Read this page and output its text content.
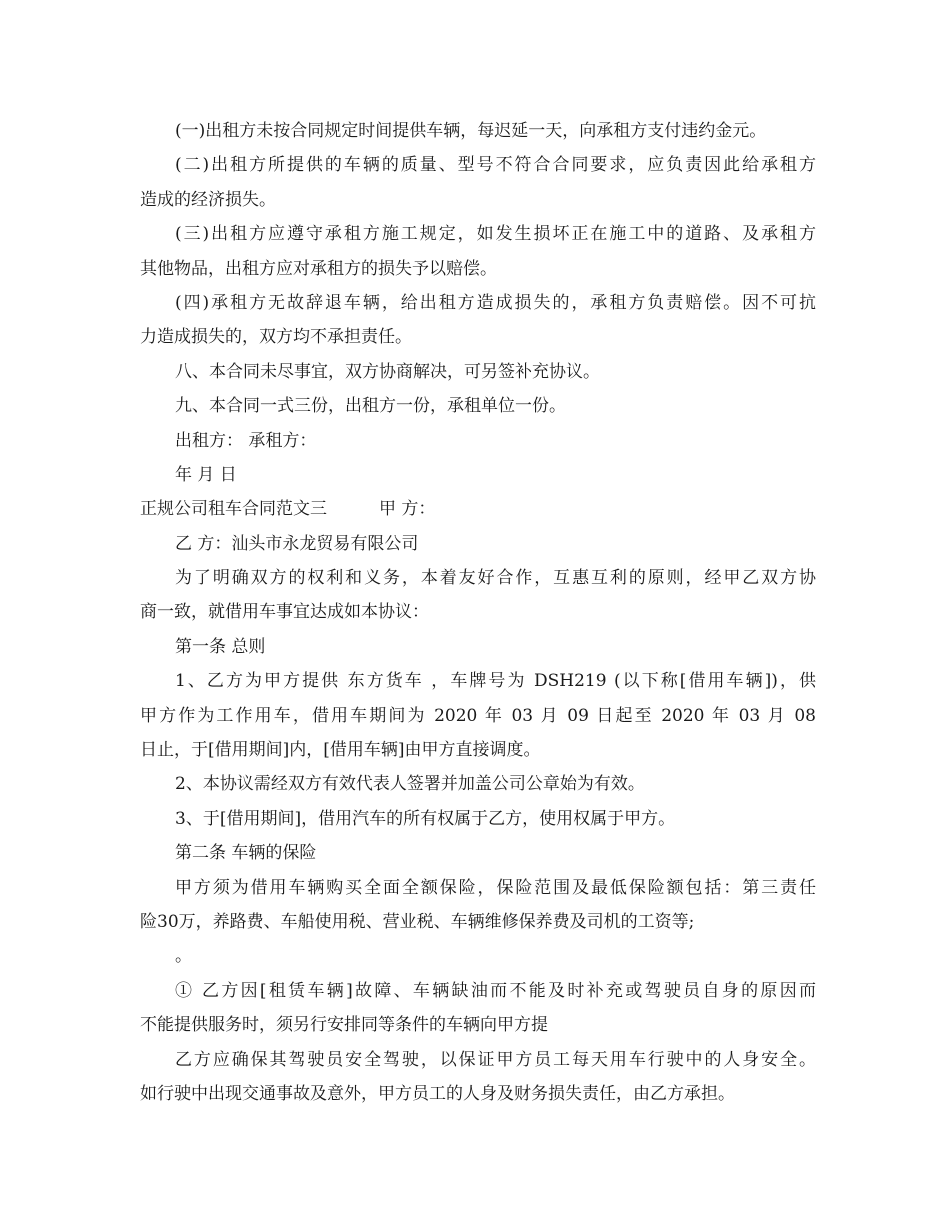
(一)出租方未按合同规定时间提供车辆，每迟延一天，向承租方支付违约金元。
(二)出租方所提供的车辆的质量、型号不符合合同要求，应负责因此给承租方
造成的经济损失。
(三)出租方应遵守承租方施工规定，如发生损坏正在施工中的道路、及承租方
其他物品，出租方应对承租方的损失予以赔偿。
(四)承租方无故辞退车辆，给出租方造成损失的，承租方负责赔偿。因不可抗
力造成损失的，双方均不承担责任。
八、本合同未尽事宜，双方协商解决，可另签补充协议。
九、本合同一式三份，出租方一份，承租单位一份。
出租方： 承租方：
年 月 日
正规公司租车合同范文三	甲 方：
乙 方：汕头市永龙贸易有限公司
为了明确双方的权利和义务，本着友好合作，互惠互利的原则，经甲乙双方协
商一致，就借用车事宜达成如本协议：
第一条 总则
1、乙方为甲方提供 东方货车 ，车牌号为 DSH219 (以下称[借用车辆])，供
甲方作为工作用车，借用车期间为 2020 年 03 月 09 日起至 2020 年 03 月 08
日止，于[借用期间]内，[借用车辆]由甲方直接调度。
2、本协议需经双方有效代表人签署并加盖公司公章始为有效。
3、于[借用期间]，借用汽车的所有权属于乙方，使用权属于甲方。
第二条 车辆的保险
甲方须为借用车辆购买全面全额保险，保险范围及最低保险额包括：第三责任
险30万，养路费、车船使用税、营业税、车辆维修保养费及司机的工资等;
。
① 乙方因[租赁车辆]故障、车辆缺油而不能及时补充或驾驶员自身的原因而
不能提供服务时，须另行安排同等条件的车辆向甲方提
乙方应确保其驾驶员安全驾驶，以保证甲方员工每天用车行驶中的人身安全。
如行驶中出现交通事故及意外，甲方员工的人身及财务损失责任，由乙方承担。
